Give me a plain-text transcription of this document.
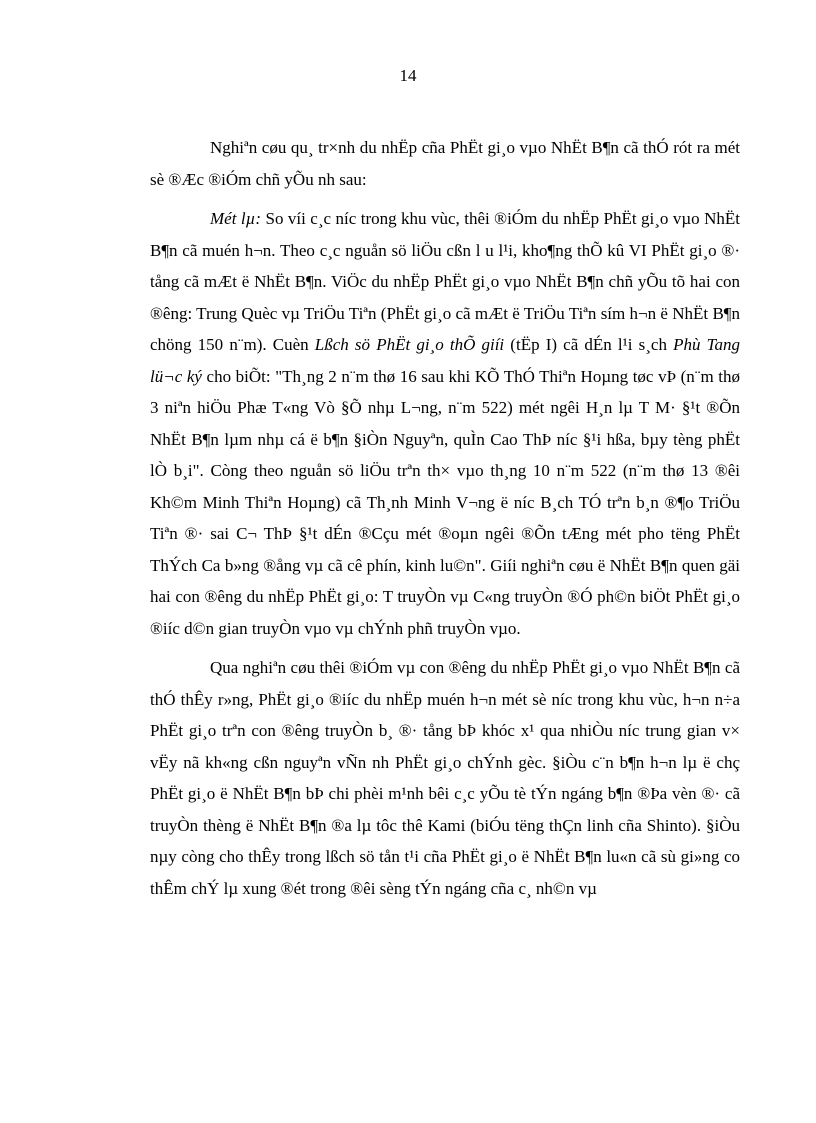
14

Nghiªn cøu qu¸ tr×nh du nhËp cña PhËt gi¸o vµo NhËt B¶n cã thÓ rót ra mét sè ®Æc ®iÓm chñ yÕu nh sau:

Mét lµ: So víi c¸c níc trong khu vùc, thêi ®iÓm du nhËp PhËt gi¸o vµo NhËt B¶n cã muén h¬n. Theo c¸c nguån sö liÖu cßn l u l¹i, kho¶ng thÕ kû VI PhËt gi¸o ®· tång cã mÆt ë NhËt B¶n. ViÖc du nhËp PhËt gi¸o vµo NhËt B¶n chñ yÕu tõ hai con ®êng: Trung Quèc vµ TriÖu Tiªn (PhËt gi¸o cã mÆt ë TriÖu Tiªn sím h¬n ë NhËt B¶n chöng 150 n¨m). Cuèn Lßch sö PhËt gi¸o thÕ giíi (tËp I) cã dÉn l¹i s¸ch Phù Tang lü¬c ký cho biÕt: "Th¸ng 2 n¨m thø 16 sau khi KÕ ThÓ Thiªn Hoµng tøc vÞ (n¨m thø 3 niªn hiÖu Phæ T«ng Vò §Õ nhµ L¬ng, n¨m 522) mét ngêi H¸n lµ T M· §¹t ®Õn NhËt B¶n lµm nhµ cá ë b¶n §iÒn Nguyªn, quÌn Cao ThÞ níc §¹i hßa, bµy tèng phËt lÒ b¸i". Còng theo nguån sö liÖu trªn th× vµo th¸ng 10 n¨m 522 (n¨m thø 13 ®êi Kh©m Minh Thiªn Hoµng) cã Th¸nh Minh V¬ng ë níc B¸ch TÓ trªn b¸n ®¶o TriÖu Tiªn ®· sai C¬ ThÞ §¹t dÉn ®Cçu mét ®oµn ngêi ®Õn tÆng mét pho tëng PhËt ThÝch Ca b»ng ®ång vµ cã cê phín, kinh lu©n". Giíi nghiªn cøu ë NhËt B¶n quen gäi hai con ®êng du nhËp PhËt gi¸o: T truyÒn vµ C«ng truyÒn ®Ó ph©n biÖt PhËt gi¸o ®iíc d©n gian truyÒn vµo vµ chÝnh phñ truyÒn vµo.

Qua nghiªn cøu thêi ®iÓm vµ con ®êng du nhËp PhËt gi¸o vµo NhËt B¶n cã thÓ thÊy r»ng, PhËt gi¸o ®iíc du nhËp muén h¬n mét sè níc trong khu vùc, h¬n n÷a PhËt gi¸o trªn con ®êng truyÒn b¸ ®· tång bÞ khóc x¹ qua nhiÒu níc trung gian v× vËy nã kh«ng cßn nguyªn vÑn nh PhËt gi¸o chÝnh gèc. §iÒu c¨n b¶n h¬n lµ ë chç PhËt gi¸o ë NhËt B¶n bÞ chi phèi m¹nh bêi c¸c yÕu tè tÝn ngáng b¶n ®Þa vèn ®· cã truyÒn thèng ë NhËt B¶n ®a lµ tôc thê Kami (biÓu tëng thÇn linh cña Shinto). §iÒu nµy còng cho thÊy trong lßch sö tån t¹i cña PhËt gi¸o ë NhËt B¶n lu«n cã sù gi»ng co thÊm chÝ lµ xung ®ét trong ®êi sèng tÝn ngáng cña c¸ nh©n vµ
